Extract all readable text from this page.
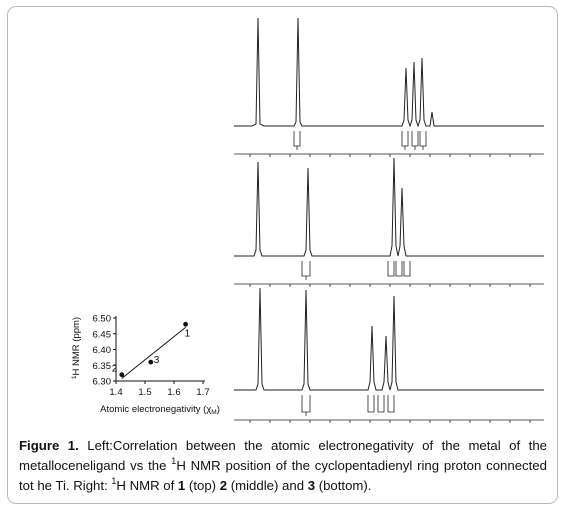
6.30
6.35
6.40
6.45
6.50
1.4 1.5 1.6 1.7
2
3
1
$^1$H NMR (ppm)
Atomic electronegativity $(\chi_M)$

Figure 1. Left:Correlation between the atomic electronegativity of the metal of the metalloceneligand vs the $^1$H NMR position of the cyclopentadienyl ring proton connected tot he Ti. Right: $^1$H NMR of 1 (top) 2 (middle) and 3 (bottom).
